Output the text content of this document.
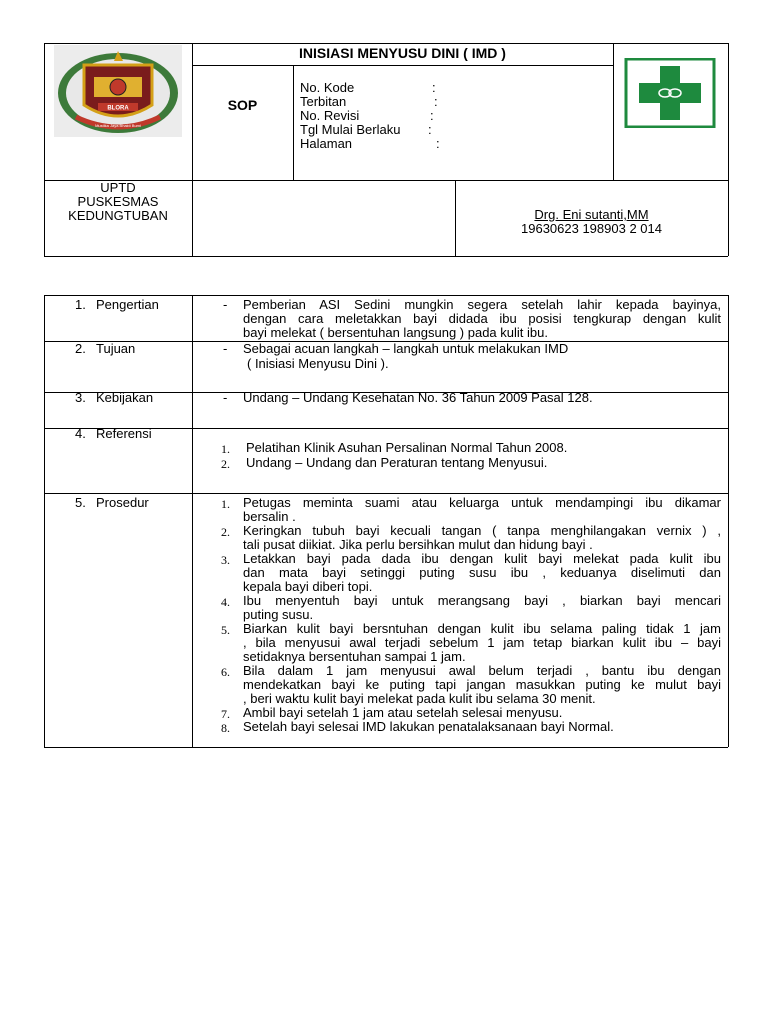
BLORA
Mustika Jaya Bhakti Bumi
INISIASI MENYUSU DINI ( IMD )
SOP
No. Kode	:
Terbitan	:
No. Revisi	:
Tgl Mulai Berlaku :
Halaman	:
UPTD
PUSKESMAS
KEDUNGTUBAN	Drg. Eni sutanti,MM
19630623 198903 2 014
1. Pengertian	- Pemberian ASI Sedini mungkin segera setelah lahir kepada bayinya,
dengan cara meletakkan bayi didada ibu posisi tengkurap dengan kulit
bayi melekat ( bersentuhan langsung ) pada kulit ibu.
2. Tujuan	- Sebagai acuan langkah – langkah untuk melakukan IMD
( Inisiasi Menyusu Dini ).
3. Kebijakan	- Undang – Undang Kesehatan No. 36 Tahun 2009 Pasal 128.
4. Referensi
1. Pelatihan Klinik Asuhan Persalinan Normal Tahun 2008.
2. Undang – Undang dan Peraturan tentang Menyusui.
5. Prosedur	1. Petugas meminta suami atau keluarga untuk mendampingi ibu dikamar
bersalin .
2. Keringkan tubuh bayi kecuali tangan ( tanpa menghilangakan vernix ) ,
tali pusat diikiat. Jika perlu bersihkan mulut dan hidung bayi .
3. Letakkan bayi pada dada ibu dengan kulit bayi melekat pada kulit ibu
dan mata bayi setinggi puting susu ibu , keduanya diselimuti dan
kepala bayi diberi topi.
4. Ibu menyentuh bayi untuk merangsang bayi , biarkan bayi mencari
puting susu.
5. Biarkan kulit bayi bersntuhan dengan kulit ibu selama paling tidak 1 jam
, bila menyusui awal terjadi sebelum 1 jam tetap biarkan kulit ibu – bayi
setidaknya bersentuhan sampai 1 jam.
6. Bila dalam 1 jam menyusui awal belum terjadi , bantu ibu dengan
mendekatkan bayi ke puting tapi jangan masukkan puting ke mulut bayi
, beri waktu kulit bayi melekat pada kulit ibu selama 30 menit.
7. Ambil bayi setelah 1 jam atau setelah selesai menyusu.
8. Setelah bayi selesai IMD lakukan penatalaksanaan bayi Normal.
